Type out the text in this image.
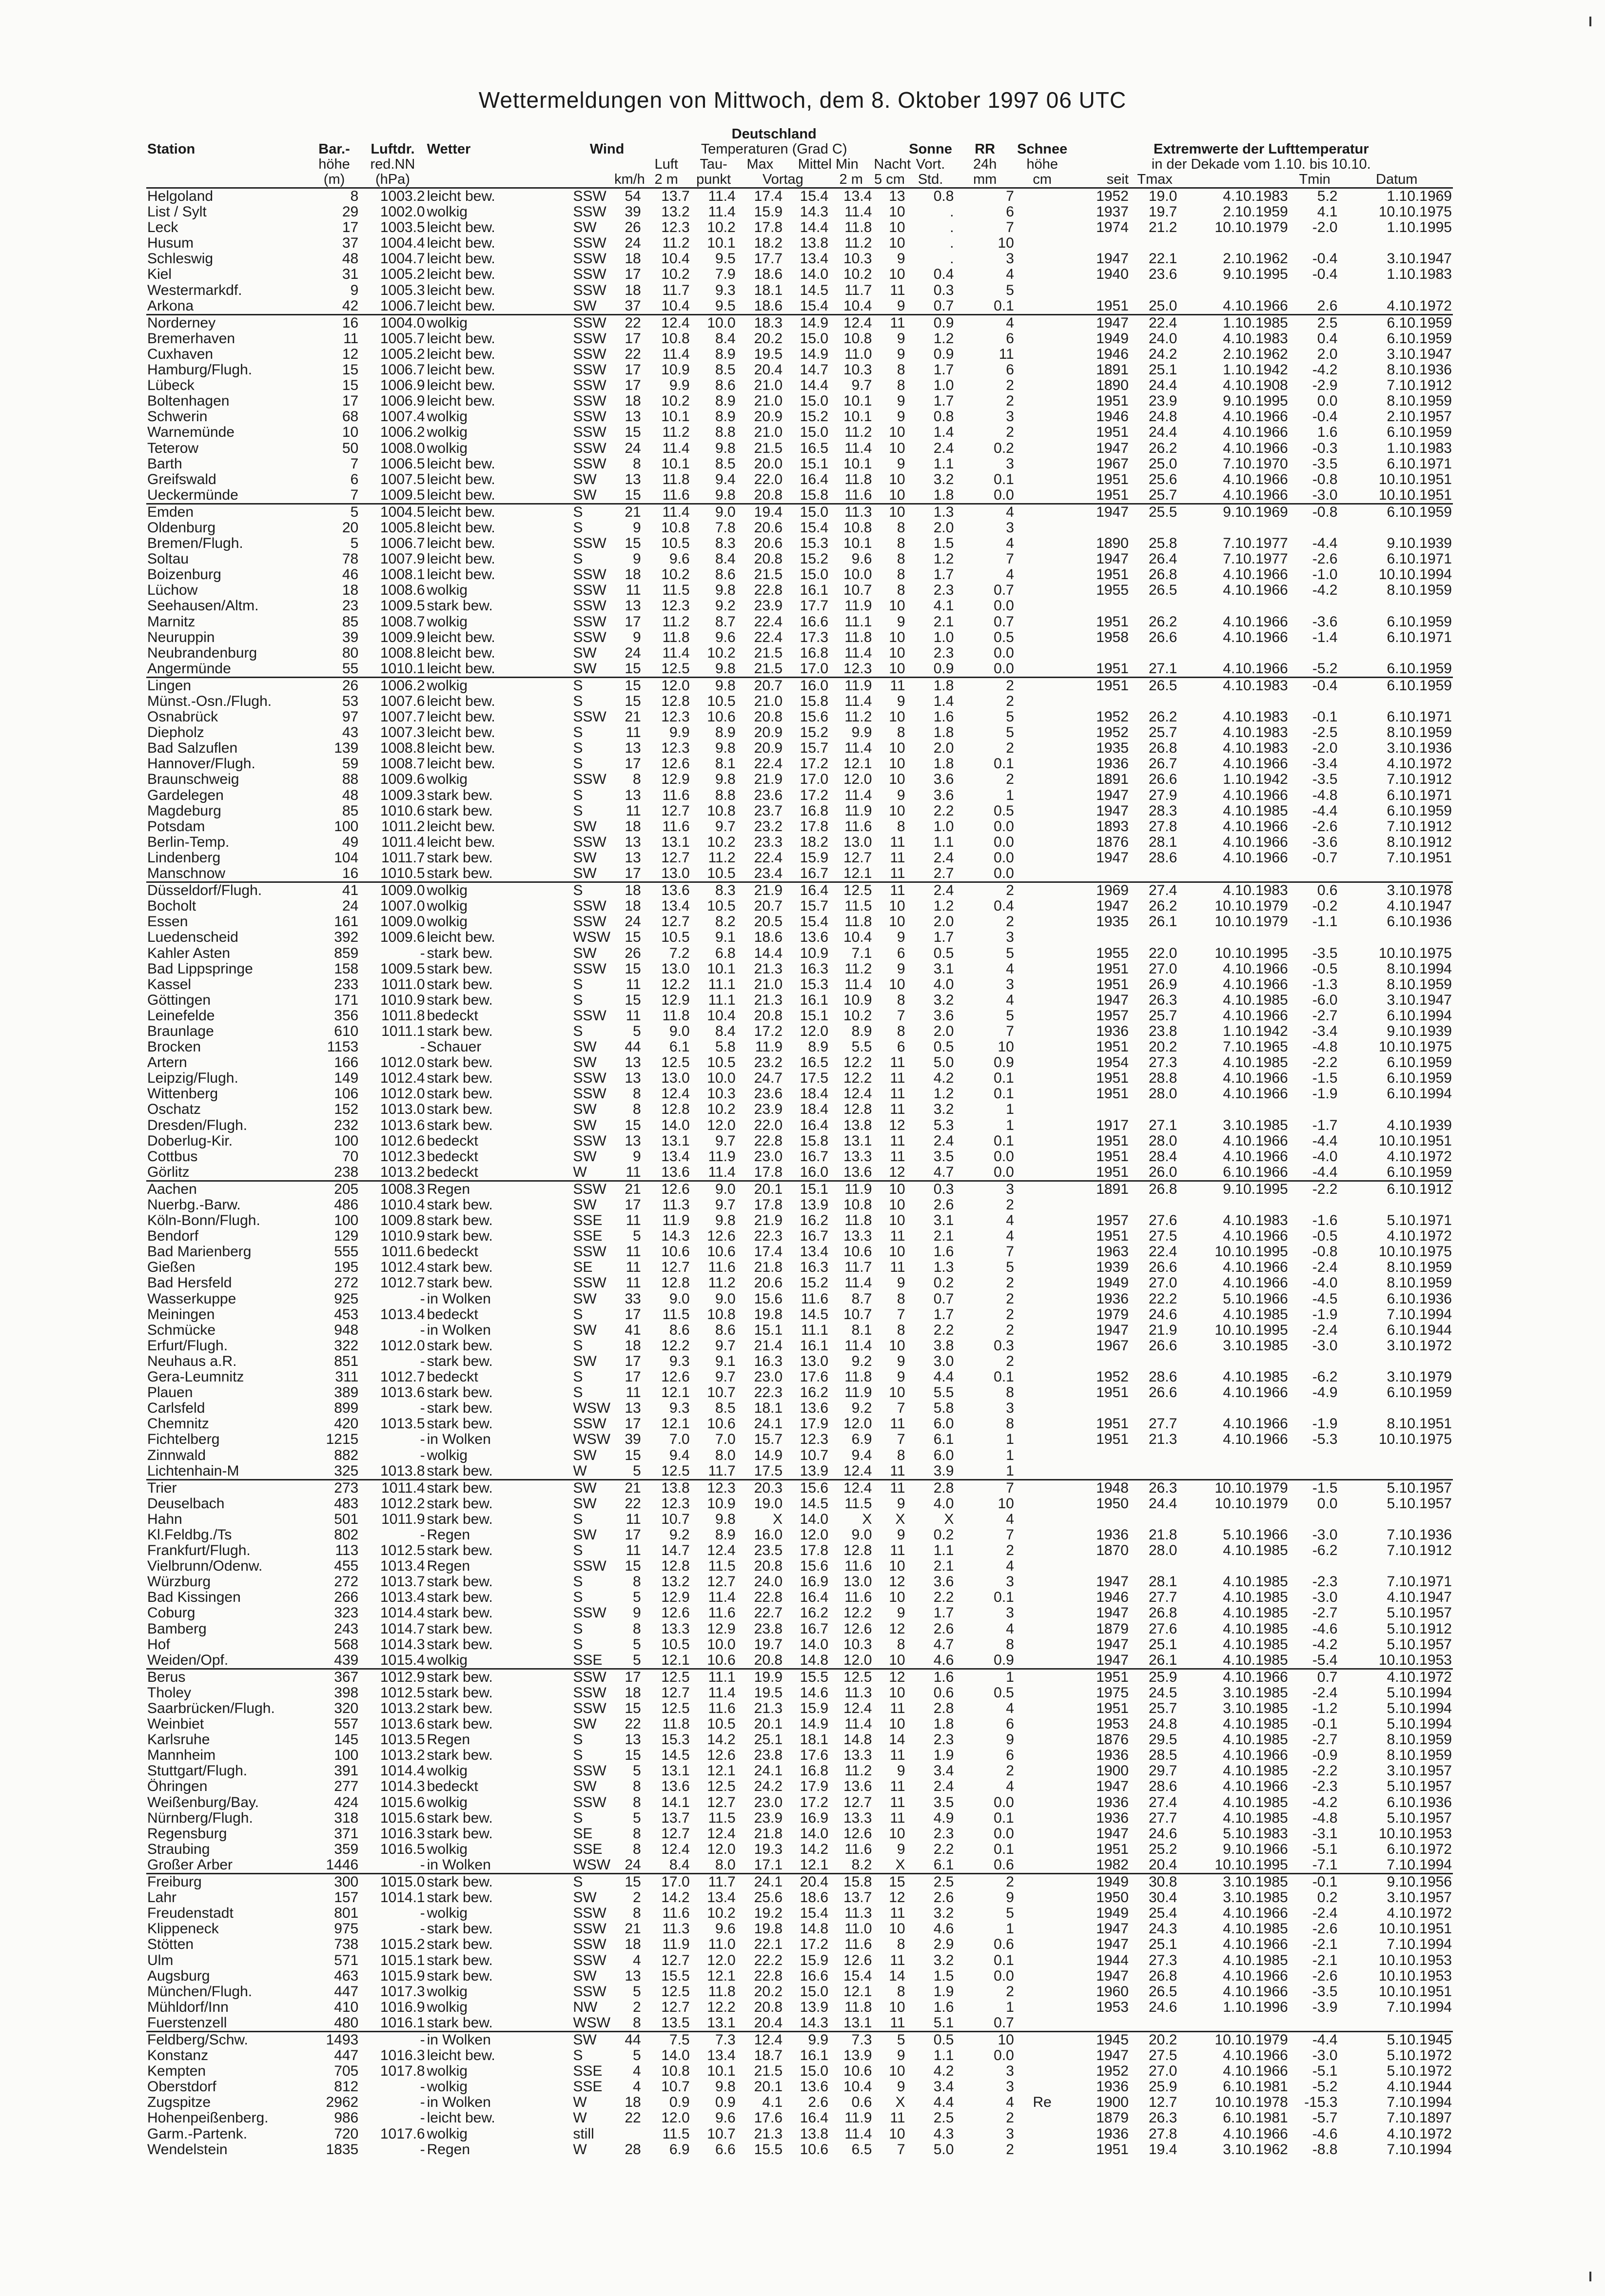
Wettermeldungen von Mittwoch, dem 8. Oktober 1997 06 UTC
						Deutschland													
Station	Bar.-	Luftdr.	Wetter	Wind		Temperaturen (Grad C)						Sonne	RR	Schnee	Extremwerte der Lufttemperatur				
	höhe	red.NN				Luft	Tau-	Max	Mittel Min		Nacht	Vort.	24h	höhe	in der Dekade vom 1.10. bis 10.10.				
	(m)	(hPa)			km/h	2 m	punkt	Vortag		2 m	5 cm	Std.	mm	cm	seit	Tmax		Tmin	Datum
Helgoland	8	1003.2	leicht bew.	SSW	54	13.7	11.4	17.4	15.4	13.4	13	0.8	7		1952	19.0	4.10.1983	5.2	1.10.1969
List / Sylt	29	1002.0	wolkig	SSW	39	13.2	11.4	15.9	14.3	11.4	10	.	6		1937	19.7	2.10.1959	4.1	10.10.1975
Leck	17	1003.5	leicht bew.	SW	26	12.3	10.2	17.8	14.4	11.8	10	.	7		1974	21.2	10.10.1979	-2.0	1.10.1995
Husum	37	1004.4	leicht bew.	SSW	24	11.2	10.1	18.2	13.8	11.2	10	.	10						
Schleswig	48	1004.7	leicht bew.	SSW	18	10.4	9.5	17.7	13.4	10.3	9	.	3		1947	22.1	2.10.1962	-0.4	3.10.1947
Kiel	31	1005.2	leicht bew.	SSW	17	10.2	7.9	18.6	14.0	10.2	10	0.4	4		1940	23.6	9.10.1995	-0.4	1.10.1983
Westermarkdf.	9	1005.3	leicht bew.	SSW	18	11.7	9.3	18.1	14.5	11.7	11	0.3	5						
Arkona	42	1006.7	leicht bew.	SW	37	10.4	9.5	18.6	15.4	10.4	9	0.7	0.1		1951	25.0	4.10.1966	2.6	4.10.1972
Norderney	16	1004.0	wolkig	SSW	22	12.4	10.0	18.3	14.9	12.4	11	0.9	4		1947	22.4	1.10.1985	2.5	6.10.1959
Bremerhaven	11	1005.7	leicht bew.	SSW	17	10.8	8.4	20.2	15.0	10.8	9	1.2	6		1949	24.0	4.10.1983	0.4	6.10.1959
Cuxhaven	12	1005.2	leicht bew.	SSW	22	11.4	8.9	19.5	14.9	11.0	9	0.9	11		1946	24.2	2.10.1962	2.0	3.10.1947
Hamburg/Flugh.	15	1006.7	leicht bew.	SSW	17	10.9	8.5	20.4	14.7	10.3	8	1.7	6		1891	25.1	1.10.1942	-4.2	8.10.1936
Lübeck	15	1006.9	leicht bew.	SSW	17	9.9	8.6	21.0	14.4	9.7	8	1.0	2		1890	24.4	4.10.1908	-2.9	7.10.1912
Boltenhagen	17	1006.9	leicht bew.	SSW	18	10.2	8.9	21.0	15.0	10.1	9	1.7	2		1951	23.9	9.10.1995	0.0	8.10.1959
Schwerin	68	1007.4	wolkig	SSW	13	10.1	8.9	20.9	15.2	10.1	9	0.8	3		1946	24.8	4.10.1966	-0.4	2.10.1957
Warnemünde	10	1006.2	wolkig	SSW	15	11.2	8.8	21.0	15.0	11.2	10	1.4	2		1951	24.4	4.10.1966	1.6	6.10.1959
Teterow	50	1008.0	wolkig	SSW	24	11.4	9.8	21.5	16.5	11.4	10	2.4	0.2		1947	26.2	4.10.1966	-0.3	1.10.1983
Barth	7	1006.5	leicht bew.	SSW	8	10.1	8.5	20.0	15.1	10.1	9	1.1	3		1967	25.0	7.10.1970	-3.5	6.10.1971
Greifswald	6	1007.5	leicht bew.	SW	13	11.8	9.4	22.0	16.4	11.8	10	3.2	0.1		1951	25.6	4.10.1966	-0.8	10.10.1951
Ueckermünde	7	1009.5	leicht bew.	SW	15	11.6	9.8	20.8	15.8	11.6	10	1.8	0.0		1951	25.7	4.10.1966	-3.0	10.10.1951
Emden	5	1004.5	leicht bew.	S	21	11.4	9.0	19.4	15.0	11.3	10	1.3	4		1947	25.5	9.10.1969	-0.8	6.10.1959
Oldenburg	20	1005.8	leicht bew.	S	9	10.8	7.8	20.6	15.4	10.8	8	2.0	3						
Bremen/Flugh.	5	1006.7	leicht bew.	SSW	15	10.5	8.3	20.6	15.3	10.1	8	1.5	4		1890	25.8	7.10.1977	-4.4	9.10.1939
Soltau	78	1007.9	leicht bew.	S	9	9.6	8.4	20.8	15.2	9.6	8	1.2	7		1947	26.4	7.10.1977	-2.6	6.10.1971
Boizenburg	46	1008.1	leicht bew.	SSW	18	10.2	8.6	21.5	15.0	10.0	8	1.7	4		1951	26.8	4.10.1966	-1.0	10.10.1994
Lüchow	18	1008.6	wolkig	SSW	11	11.5	9.8	22.8	16.1	10.7	8	2.3	0.7		1955	26.5	4.10.1966	-4.2	8.10.1959
Seehausen/Altm.	23	1009.5	stark bew.	SSW	13	12.3	9.2	23.9	17.7	11.9	10	4.1	0.0						
Marnitz	85	1008.7	wolkig	SSW	17	11.2	8.7	22.4	16.6	11.1	9	2.1	0.7		1951	26.2	4.10.1966	-3.6	6.10.1959
Neuruppin	39	1009.9	leicht bew.	SSW	9	11.8	9.6	22.4	17.3	11.8	10	1.0	0.5		1958	26.6	4.10.1966	-1.4	6.10.1971
Neubrandenburg	80	1008.8	leicht bew.	SW	24	11.4	10.2	21.5	16.8	11.4	10	2.3	0.0						
Angermünde	55	1010.1	leicht bew.	SW	15	12.5	9.8	21.5	17.0	12.3	10	0.9	0.0		1951	27.1	4.10.1966	-5.2	6.10.1959
Lingen	26	1006.2	wolkig	S	15	12.0	9.8	20.7	16.0	11.9	11	1.8	2		1951	26.5	4.10.1983	-0.4	6.10.1959
Münst.-Osn./Flugh.	53	1007.6	leicht bew.	S	15	12.8	10.5	21.0	15.8	11.4	9	1.4	2						
Osnabrück	97	1007.7	leicht bew.	SSW	21	12.3	10.6	20.8	15.6	11.2	10	1.6	5		1952	26.2	4.10.1983	-0.1	6.10.1971
Diepholz	43	1007.3	leicht bew.	S	11	9.9	8.9	20.9	15.2	9.9	8	1.8	5		1952	25.7	4.10.1983	-2.5	8.10.1959
Bad Salzuflen	139	1008.8	leicht bew.	S	13	12.3	9.8	20.9	15.7	11.4	10	2.0	2		1935	26.8	4.10.1983	-2.0	3.10.1936
Hannover/Flugh.	59	1008.7	leicht bew.	S	17	12.6	8.1	22.4	17.2	12.1	10	1.8	0.1		1936	26.7	4.10.1966	-3.4	4.10.1972
Braunschweig	88	1009.6	wolkig	SSW	8	12.9	9.8	21.9	17.0	12.0	10	3.6	2		1891	26.6	1.10.1942	-3.5	7.10.1912
Gardelegen	48	1009.3	stark bew.	S	13	11.6	8.8	23.6	17.2	11.4	9	3.6	1		1947	27.9	4.10.1966	-4.8	6.10.1971
Magdeburg	85	1010.6	stark bew.	S	11	12.7	10.8	23.7	16.8	11.9	10	2.2	0.5		1947	28.3	4.10.1985	-4.4	6.10.1959
Potsdam	100	1011.2	leicht bew.	SW	18	11.6	9.7	23.2	17.8	11.6	8	1.0	0.0		1893	27.8	4.10.1966	-2.6	7.10.1912
Berlin-Temp.	49	1011.4	leicht bew.	SSW	13	13.1	10.2	23.3	18.2	13.0	11	1.1	0.0		1876	28.1	4.10.1966	-3.6	8.10.1912
Lindenberg	104	1011.7	stark bew.	SW	13	12.7	11.2	22.4	15.9	12.7	11	2.4	0.0		1947	28.6	4.10.1966	-0.7	7.10.1951
Manschnow	16	1010.5	stark bew.	SW	17	13.0	10.5	23.4	16.7	12.1	11	2.7	0.0						
Düsseldorf/Flugh.	41	1009.0	wolkig	S	18	13.6	8.3	21.9	16.4	12.5	11	2.4	2		1969	27.4	4.10.1983	0.6	3.10.1978
Bocholt	24	1007.0	wolkig	SSW	18	13.4	10.5	20.7	15.7	11.5	10	1.2	0.4		1947	26.2	10.10.1979	-0.2	4.10.1947
Essen	161	1009.0	wolkig	SSW	24	12.7	8.2	20.5	15.4	11.8	10	2.0	2		1935	26.1	10.10.1979	-1.1	6.10.1936
Luedenscheid	392	1009.6	leicht bew.	WSW	15	10.5	9.1	18.6	13.6	10.4	9	1.7	3						
Kahler Asten	859	-	stark bew.	SW	26	7.2	6.8	14.4	10.9	7.1	6	0.5	5		1955	22.0	10.10.1995	-3.5	10.10.1975
Bad Lippspringe	158	1009.5	stark bew.	SSW	15	13.0	10.1	21.3	16.3	11.2	9	3.1	4		1951	27.0	4.10.1966	-0.5	8.10.1994
Kassel	233	1011.0	stark bew.	S	11	12.2	11.1	21.0	15.3	11.4	10	4.0	3		1951	26.9	4.10.1966	-1.3	8.10.1959
Göttingen	171	1010.9	stark bew.	S	15	12.9	11.1	21.3	16.1	10.9	8	3.2	4		1947	26.3	4.10.1985	-6.0	3.10.1947
Leinefelde	356	1011.8	bedeckt	SSW	11	11.8	10.4	20.8	15.1	10.2	7	3.6	5		1957	25.7	4.10.1966	-2.7	6.10.1994
Braunlage	610	1011.1	stark bew.	S	5	9.0	8.4	17.2	12.0	8.9	8	2.0	7		1936	23.8	1.10.1942	-3.4	9.10.1939
Brocken	1153	-	Schauer	SW	44	6.1	5.8	11.9	8.9	5.5	6	0.5	10		1951	20.2	7.10.1965	-4.8	10.10.1975
Artern	166	1012.0	stark bew.	SW	13	12.5	10.5	23.2	16.5	12.2	11	5.0	0.9		1954	27.3	4.10.1985	-2.2	6.10.1959
Leipzig/Flugh.	149	1012.4	stark bew.	SSW	13	13.0	10.0	24.7	17.5	12.2	11	4.2	0.1		1951	28.8	4.10.1966	-1.5	6.10.1959
Wittenberg	106	1012.0	stark bew.	SSW	8	12.4	10.3	23.6	18.4	12.4	11	1.2	0.1		1951	28.0	4.10.1966	-1.9	6.10.1994
Oschatz	152	1013.0	stark bew.	SW	8	12.8	10.2	23.9	18.4	12.8	11	3.2	1						
Dresden/Flugh.	232	1013.6	stark bew.	SW	15	14.0	12.0	22.0	16.4	13.8	12	5.3	1		1917	27.1	3.10.1985	-1.7	4.10.1939
Doberlug-Kir.	100	1012.6	bedeckt	SSW	13	13.1	9.7	22.8	15.8	13.1	11	2.4	0.1		1951	28.0	4.10.1966	-4.4	10.10.1951
Cottbus	70	1012.3	bedeckt	SW	9	13.4	11.9	23.0	16.7	13.3	11	3.5	0.0		1951	28.4	4.10.1966	-4.0	4.10.1972
Görlitz	238	1013.2	bedeckt	W	11	13.6	11.4	17.8	16.0	13.6	12	4.7	0.0		1951	26.0	6.10.1966	-4.4	6.10.1959
Aachen	205	1008.3	Regen	SSW	21	12.6	9.0	20.1	15.1	11.9	10	0.3	3		1891	26.8	9.10.1995	-2.2	6.10.1912
Nuerbg.-Barw.	486	1010.4	stark bew.	SW	17	11.3	9.7	17.8	13.9	10.8	10	2.6	2						
Köln-Bonn/Flugh.	100	1009.8	stark bew.	SSE	11	11.9	9.8	21.9	16.2	11.8	10	3.1	4		1957	27.6	4.10.1983	-1.6	5.10.1971
Bendorf	129	1010.9	stark bew.	SSE	5	14.3	12.6	22.3	16.7	13.3	11	2.1	4		1951	27.5	4.10.1966	-0.5	4.10.1972
Bad Marienberg	555	1011.6	bedeckt	SSW	11	10.6	10.6	17.4	13.4	10.6	10	1.6	7		1963	22.4	10.10.1995	-0.8	10.10.1975
Gießen	195	1012.4	stark bew.	SE	11	12.7	11.6	21.8	16.3	11.7	11	1.3	5		1939	26.6	4.10.1966	-2.4	8.10.1959
Bad Hersfeld	272	1012.7	stark bew.	SSW	11	12.8	11.2	20.6	15.2	11.4	9	0.2	2		1949	27.0	4.10.1966	-4.0	8.10.1959
Wasserkuppe	925	-	in Wolken	SW	33	9.0	9.0	15.6	11.6	8.7	8	0.7	2		1936	22.2	5.10.1966	-4.5	6.10.1936
Meiningen	453	1013.4	bedeckt	S	17	11.5	10.8	19.8	14.5	10.7	7	1.7	2		1979	24.6	4.10.1985	-1.9	7.10.1994
Schmücke	948	-	in Wolken	SW	41	8.6	8.6	15.1	11.1	8.1	8	2.2	2		1947	21.9	10.10.1995	-2.4	6.10.1944
Erfurt/Flugh.	322	1012.0	stark bew.	S	18	12.2	9.7	21.4	16.1	11.4	10	3.8	0.3		1967	26.6	3.10.1985	-3.0	3.10.1972
Neuhaus a.R.	851	-	stark bew.	SW	17	9.3	9.1	16.3	13.0	9.2	9	3.0	2						
Gera-Leumnitz	311	1012.7	bedeckt	S	17	12.6	9.7	23.0	17.6	11.8	9	4.4	0.1		1952	28.6	4.10.1985	-6.2	3.10.1979
Plauen	389	1013.6	stark bew.	S	11	12.1	10.7	22.3	16.2	11.9	10	5.5	8		1951	26.6	4.10.1966	-4.9	6.10.1959
Carlsfeld	899	-	stark bew.	WSW	13	9.3	8.5	18.1	13.6	9.2	7	5.8	3						
Chemnitz	420	1013.5	stark bew.	SSW	17	12.1	10.6	24.1	17.9	12.0	11	6.0	8		1951	27.7	4.10.1966	-1.9	8.10.1951
Fichtelberg	1215	-	in Wolken	WSW	39	7.0	7.0	15.7	12.3	6.9	7	6.1	1		1951	21.3	4.10.1966	-5.3	10.10.1975
Zinnwald	882	-	wolkig	SW	15	9.4	8.0	14.9	10.7	9.4	8	6.0	1						
Lichtenhain-M	325	1013.8	stark bew.	W	5	12.5	11.7	17.5	13.9	12.4	11	3.9	1						
Trier	273	1011.4	stark bew.	SW	21	13.8	12.3	20.3	15.6	12.4	11	2.8	7		1948	26.3	10.10.1979	-1.5	5.10.1957
Deuselbach	483	1012.2	stark bew.	SW	22	12.3	10.9	19.0	14.5	11.5	9	4.0	10		1950	24.4	10.10.1979	0.0	5.10.1957
Hahn	501	1011.9	stark bew.	S	11	10.7	9.8	X	14.0	X	X	X	4						
Kl.Feldbg./Ts	802	-	Regen	SW	17	9.2	8.9	16.0	12.0	9.0	9	0.2	7		1936	21.8	5.10.1966	-3.0	7.10.1936
Frankfurt/Flugh.	113	1012.5	stark bew.	S	11	14.7	12.4	23.5	17.8	12.8	11	1.1	2		1870	28.0	4.10.1985	-6.2	7.10.1912
Vielbrunn/Odenw.	455	1013.4	Regen	SSW	15	12.8	11.5	20.8	15.6	11.6	10	2.1	4						
Würzburg	272	1013.7	stark bew.	S	8	13.2	12.7	24.0	16.9	13.0	12	3.6	3		1947	28.1	4.10.1985	-2.3	7.10.1971
Bad Kissingen	266	1013.4	stark bew.	S	5	12.9	11.4	22.8	16.4	11.6	10	2.2	0.1		1946	27.7	4.10.1985	-3.0	4.10.1947
Coburg	323	1014.4	stark bew.	SSW	9	12.6	11.6	22.7	16.2	12.2	9	1.7	3		1947	26.8	4.10.1985	-2.7	5.10.1957
Bamberg	243	1014.7	stark bew.	S	8	13.3	12.9	23.8	16.7	12.6	12	2.6	4		1879	27.6	4.10.1985	-4.6	5.10.1912
Hof	568	1014.3	stark bew.	S	5	10.5	10.0	19.7	14.0	10.3	8	4.7	8		1947	25.1	4.10.1985	-4.2	5.10.1957
Weiden/Opf.	439	1015.4	wolkig	SSE	5	12.1	10.6	20.8	14.8	12.0	10	4.6	0.9		1947	26.1	4.10.1985	-5.4	10.10.1953
Berus	367	1012.9	stark bew.	SSW	17	12.5	11.1	19.9	15.5	12.5	12	1.6	1		1951	25.9	4.10.1966	0.7	4.10.1972
Tholey	398	1012.5	stark bew.	SSW	18	12.7	11.4	19.5	14.6	11.3	10	0.6	0.5		1975	24.5	3.10.1985	-2.4	5.10.1994
Saarbrücken/Flugh.	320	1013.2	stark bew.	SSW	15	12.5	11.6	21.3	15.9	12.4	11	2.8	4		1951	25.7	3.10.1985	-1.2	5.10.1994
Weinbiet	557	1013.6	stark bew.	SW	22	11.8	10.5	20.1	14.9	11.4	10	1.8	6		1953	24.8	4.10.1985	-0.1	5.10.1994
Karlsruhe	145	1013.5	Regen	S	13	15.3	14.2	25.1	18.1	14.8	14	2.3	9		1876	29.5	4.10.1985	-2.7	8.10.1959
Mannheim	100	1013.2	stark bew.	S	15	14.5	12.6	23.8	17.6	13.3	11	1.9	6		1936	28.5	4.10.1966	-0.9	8.10.1959
Stuttgart/Flugh.	391	1014.4	wolkig	SSW	5	13.1	12.1	24.1	16.8	11.2	9	3.4	2		1900	29.7	4.10.1985	-2.2	3.10.1957
Öhringen	277	1014.3	bedeckt	SW	8	13.6	12.5	24.2	17.9	13.6	11	2.4	4		1947	28.6	4.10.1966	-2.3	5.10.1957
Weißenburg/Bay.	424	1015.6	wolkig	SSW	8	14.1	12.7	23.0	17.2	12.7	11	3.5	0.0		1936	27.4	4.10.1985	-4.2	6.10.1936
Nürnberg/Flugh.	318	1015.6	stark bew.	S	5	13.7	11.5	23.9	16.9	13.3	11	4.9	0.1		1936	27.7	4.10.1985	-4.8	5.10.1957
Regensburg	371	1016.3	stark bew.	SE	8	12.7	12.4	21.8	14.0	12.6	10	2.3	0.0		1947	24.6	5.10.1983	-3.1	10.10.1953
Straubing	359	1016.5	wolkig	SSE	8	12.4	12.0	19.3	14.2	11.6	9	2.2	0.1		1951	25.2	9.10.1966	-5.1	6.10.1972
Großer Arber	1446	-	in Wolken	WSW	24	8.4	8.0	17.1	12.1	8.2	X	6.1	0.6		1982	20.4	10.10.1995	-7.1	7.10.1994
Freiburg	300	1015.0	stark bew.	S	15	17.0	11.7	24.1	20.4	15.8	15	2.5	2		1949	30.8	3.10.1985	-0.1	9.10.1956
Lahr	157	1014.1	stark bew.	SW	2	14.2	13.4	25.6	18.6	13.7	12	2.6	9		1950	30.4	3.10.1985	0.2	3.10.1957
Freudenstadt	801	-	wolkig	SSW	8	11.6	10.2	19.2	15.4	11.3	11	3.2	5		1949	25.4	4.10.1966	-2.4	4.10.1972
Klippeneck	975	-	stark bew.	SSW	21	11.3	9.6	19.8	14.8	11.0	10	4.6	1		1947	24.3	4.10.1985	-2.6	10.10.1951
Stötten	738	1015.2	stark bew.	SSW	18	11.9	11.0	22.1	17.2	11.6	8	2.9	0.6		1947	25.1	4.10.1966	-2.1	7.10.1994
Ulm	571	1015.1	stark bew.	SSW	4	12.7	12.0	22.2	15.9	12.6	11	3.2	0.1		1944	27.3	4.10.1985	-2.1	10.10.1953
Augsburg	463	1015.9	stark bew.	SW	13	15.5	12.1	22.8	16.6	15.4	14	1.5	0.0		1947	26.8	4.10.1966	-2.6	10.10.1953
München/Flugh.	447	1017.3	wolkig	SSW	5	12.5	11.8	20.2	15.0	12.1	8	1.9	2		1960	26.5	4.10.1966	-3.5	10.10.1951
Mühldorf/Inn	410	1016.9	wolkig	NW	2	12.7	12.2	20.8	13.9	11.8	10	1.6	1		1953	24.6	1.10.1996	-3.9	7.10.1994
Fuerstenzell	480	1016.1	stark bew.	WSW	8	13.5	13.1	20.4	14.3	13.1	11	5.1	0.7						
Feldberg/Schw.	1493	-	in Wolken	SW	44	7.5	7.3	12.4	9.9	7.3	5	0.5	10		1945	20.2	10.10.1979	-4.4	5.10.1945
Konstanz	447	1016.3	leicht bew.	S	5	14.0	13.4	18.7	16.1	13.9	9	1.1	0.0		1947	27.5	4.10.1966	-3.0	5.10.1972
Kempten	705	1017.8	wolkig	SSE	4	10.8	10.1	21.5	15.0	10.6	10	4.2	3		1952	27.0	4.10.1966	-5.1	5.10.1972
Oberstdorf	812	-	wolkig	SSE	4	10.7	9.8	20.1	13.6	10.4	9	3.4	3		1936	25.9	6.10.1981	-5.2	4.10.1944
Zugspitze	2962	-	in Wolken	W	18	0.9	0.9	4.1	2.6	0.6	X	4.4	4	Re	1900	12.7	10.10.1978	-15.3	7.10.1994
Hohenpeißenberg.	986	-	leicht bew.	W	22	12.0	9.6	17.6	16.4	11.9	11	2.5	2		1879	26.3	6.10.1981	-5.7	7.10.1897
Garm.-Partenk.	720	1017.6	wolkig	still		11.5	10.7	21.3	13.8	11.4	10	4.3	3		1936	27.8	4.10.1966	-4.6	4.10.1972
Wendelstein	1835	-	Regen	W	28	6.9	6.6	15.5	10.6	6.5	7	5.0	2		1951	19.4	3.10.1962	-8.8	7.10.1994
